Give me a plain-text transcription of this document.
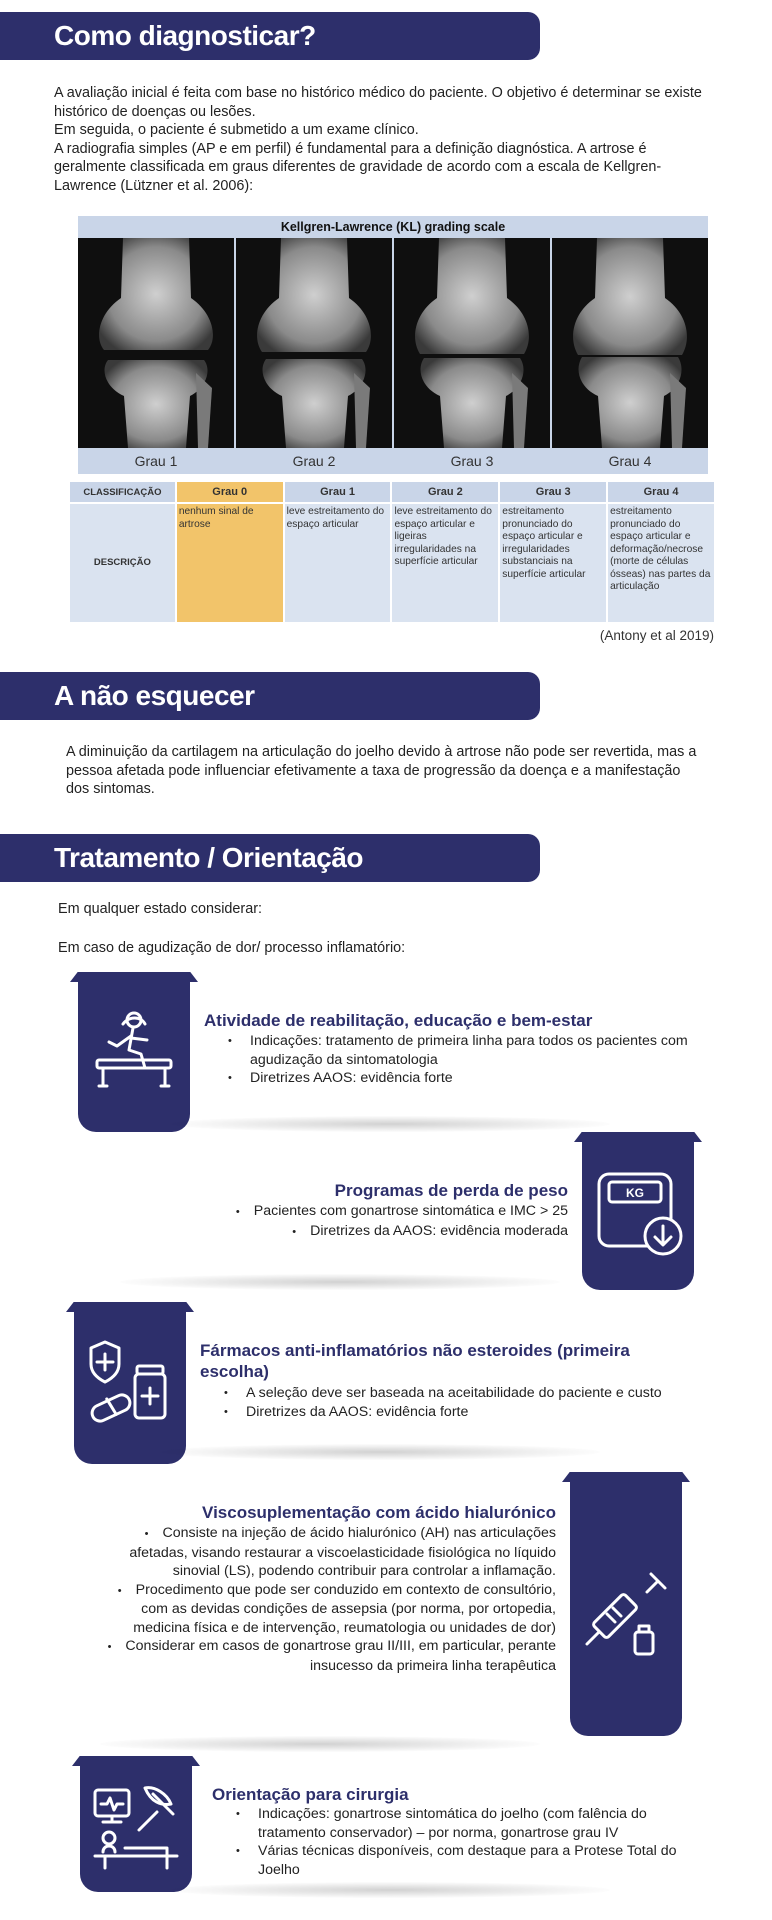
Como diagnosticar?

A avaliação inicial é feita com base no histórico médico do paciente. O objetivo é determinar se existe histórico de doenças ou lesões.

Em seguida, o paciente é submetido a um exame clínico.

A radiografia simples (AP e em perfil) é fundamental para a definição diagnóstica. A artrose é geralmente classificada em graus diferentes de gravidade de acordo com a escala de Kellgren-Lawrence (Lützner et al. 2006):

Kellgren-Lawrence (KL) grading scale
Grau 1	Grau 2	Grau 3	Grau 4
CLASSIFICAÇÃO	Grau 0	Grau 1	Grau 2	Grau 3	Grau 4
DESCRIÇÃO	nenhum sinal de artrose	leve estreitamento do espaço articular	leve estreitamento do espaço articular e ligeiras irregularidades na superfície articular	estreitamento pronunciado do espaço articular e irregularidades substanciais na superfície articular	estreitamento pronunciado do espaço articular e deformação/necrose (morte de células ósseas) nas partes da articulação
(Antony et al 2019)
A não esquecer
A diminuição da cartilagem na articulação do joelho devido à artrose não pode ser revertida, mas a pessoa afetada pode influenciar efetivamente a taxa de progressão da doença e a manifestação dos sintomas.
Tratamento / Orientação
Em qualquer estado considerar:
Em caso de agudização de dor/ processo inflamatório:
Atividade de reabilitação, educação e bem-estar
• Indicações: tratamento de primeira linha para todos os pacientes com agudização da sintomatologia
• Diretrizes AAOS: evidência forte
KG
Programas de perda de peso
• Pacientes com gonartrose sintomática e IMC > 25
• Diretrizes da AAOS: evidência moderada
Fármacos anti-inflamatórios não esteroides (primeira escolha)
• A seleção deve ser baseada na aceitabilidade do paciente e custo
• Diretrizes da AAOS: evidência forte
Viscosuplementação com ácido hialurónico
• Consiste na injeção de ácido hialurónico (AH) nas articulações afetadas, visando restaurar a viscoelasticidade fisiológica no líquido sinovial (LS), podendo contribuir para controlar a inflamação.
• Procedimento que pode ser conduzido em contexto de consultório, com as devidas condições de assepsia (por norma, por ortopedia, medicina física e de intervenção, reumatologia ou unidades de dor)
• Considerar em casos de gonartrose grau II/III, em particular, perante insucesso da primeira linha terapêutica
Orientação para cirurgia
• Indicações: gonartrose sintomática do joelho (com falência do tratamento conservador) – por norma, gonartrose grau IV
• Várias técnicas disponíveis, com destaque para a Protese Total do Joelho
